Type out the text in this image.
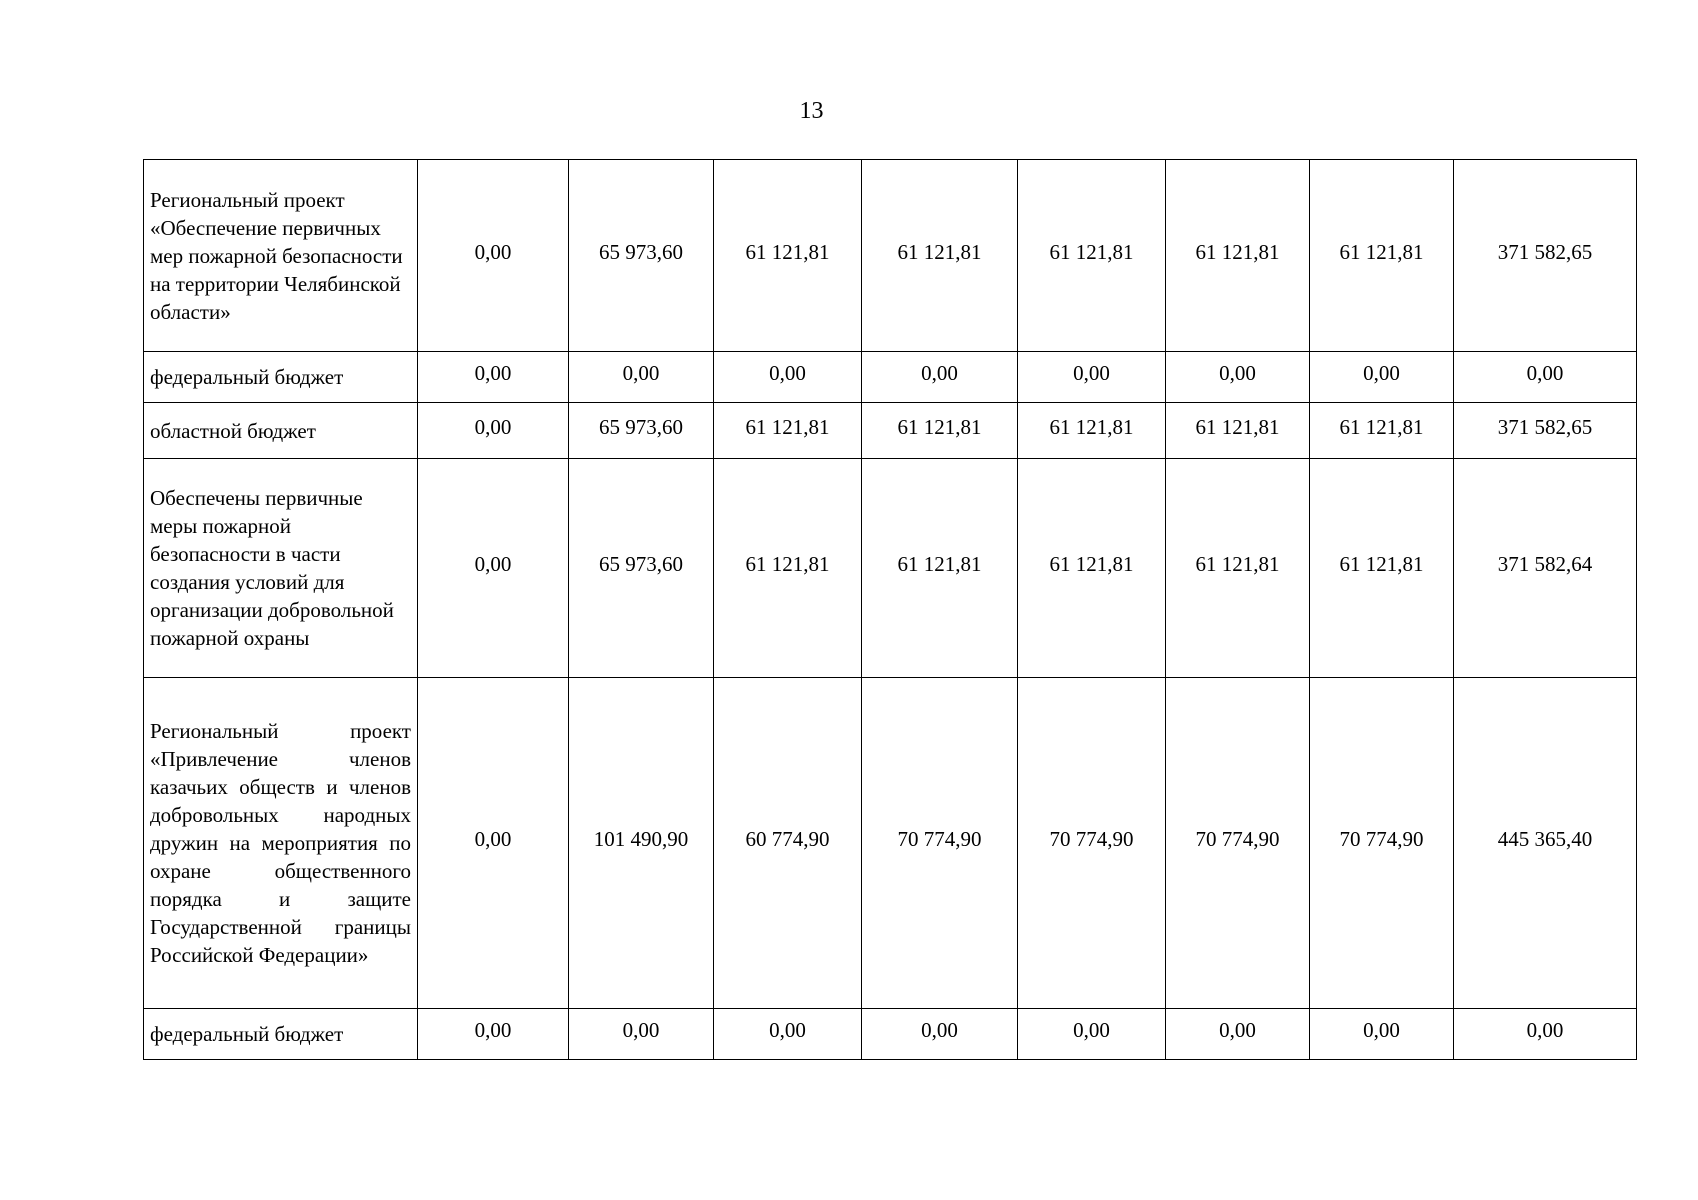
13
Региональный проект «Обеспечение первичных мер пожарной безопасности на территории Челябинской области»	0,00	65 973,60	61 121,81	61 121,81	61 121,81	61 121,81	61 121,81	371 582,65
федеральный бюджет	0,00	0,00	0,00	0,00	0,00	0,00	0,00	0,00
областной бюджет	0,00	65 973,60	61 121,81	61 121,81	61 121,81	61 121,81	61 121,81	371 582,65
Обеспечены первичные меры пожарной безопасности в части создания условий для организации добровольной пожарной охраны	0,00	65 973,60	61 121,81	61 121,81	61 121,81	61 121,81	61 121,81	371 582,64
Региональный проект «Привлечение членов казачьих обществ и членов добровольных народных дружин на мероприятия по охране общественного порядка и защите Государственной границы Российской Федерации»	0,00	101 490,90	60 774,90	70 774,90	70 774,90	70 774,90	70 774,90	445 365,40
федеральный бюджет	0,00	0,00	0,00	0,00	0,00	0,00	0,00	0,00
